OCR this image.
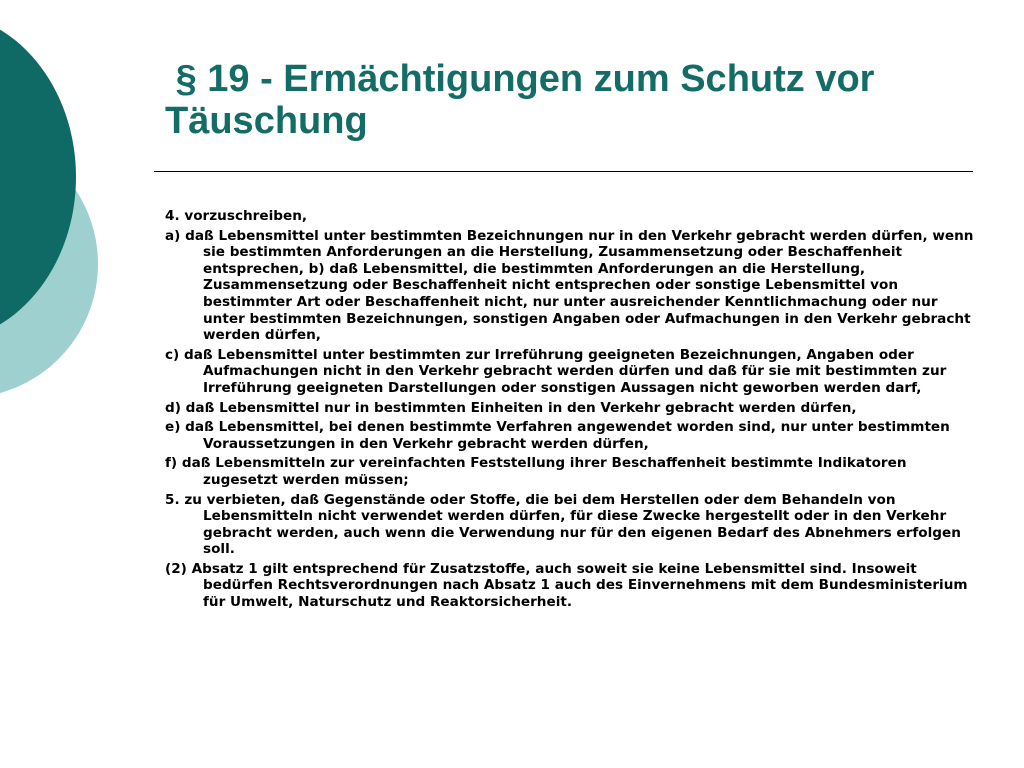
§ 19 - Ermächtigungen zum Schutz vor Täuschung

4. vorzuschreiben,

a) daß Lebensmittel unter bestimmten Bezeichnungen nur in den Verkehr gebracht werden dürfen, wenn sie bestimmten Anforderungen an die Herstellung, Zusammensetzung oder Beschaffenheit entsprechen, b) daß Lebensmittel, die bestimmten Anforderungen an die Herstellung, Zusammensetzung oder Beschaffenheit nicht entsprechen oder sonstige Lebensmittel von bestimmter Art oder Beschaffenheit nicht, nur unter ausreichender Kenntlichmachung oder nur unter bestimmten Bezeichnungen, sonstigen Angaben oder Aufmachungen in den Verkehr gebracht werden dürfen,

c) daß Lebensmittel unter bestimmten zur Irreführung geeigneten Bezeichnungen, Angaben oder Aufmachungen nicht in den Verkehr gebracht werden dürfen und daß für sie mit bestimmten zur Irreführung geeigneten Darstellungen oder sonstigen Aussagen nicht geworben werden darf,

d) daß Lebensmittel nur in bestimmten Einheiten in den Verkehr gebracht werden dürfen,

e) daß Lebensmittel, bei denen bestimmte Verfahren angewendet worden sind, nur unter bestimmten Voraussetzungen in den Verkehr gebracht werden dürfen,

f) daß Lebensmitteln zur vereinfachten Feststellung ihrer Beschaffenheit bestimmte Indikatoren zugesetzt werden müssen;

5. zu verbieten, daß Gegenstände oder Stoffe, die bei dem Herstellen oder dem Behandeln von Lebensmitteln nicht verwendet werden dürfen, für diese Zwecke hergestellt oder in den Verkehr gebracht werden, auch wenn die Verwendung nur für den eigenen Bedarf des Abnehmers erfolgen soll.

(2) Absatz 1 gilt entsprechend für Zusatzstoffe, auch soweit sie keine Lebensmittel sind. Insoweit bedürfen Rechtsverordnungen nach Absatz 1 auch des Einvernehmens mit dem Bundesministerium für Umwelt, Naturschutz und Reaktorsicherheit.
